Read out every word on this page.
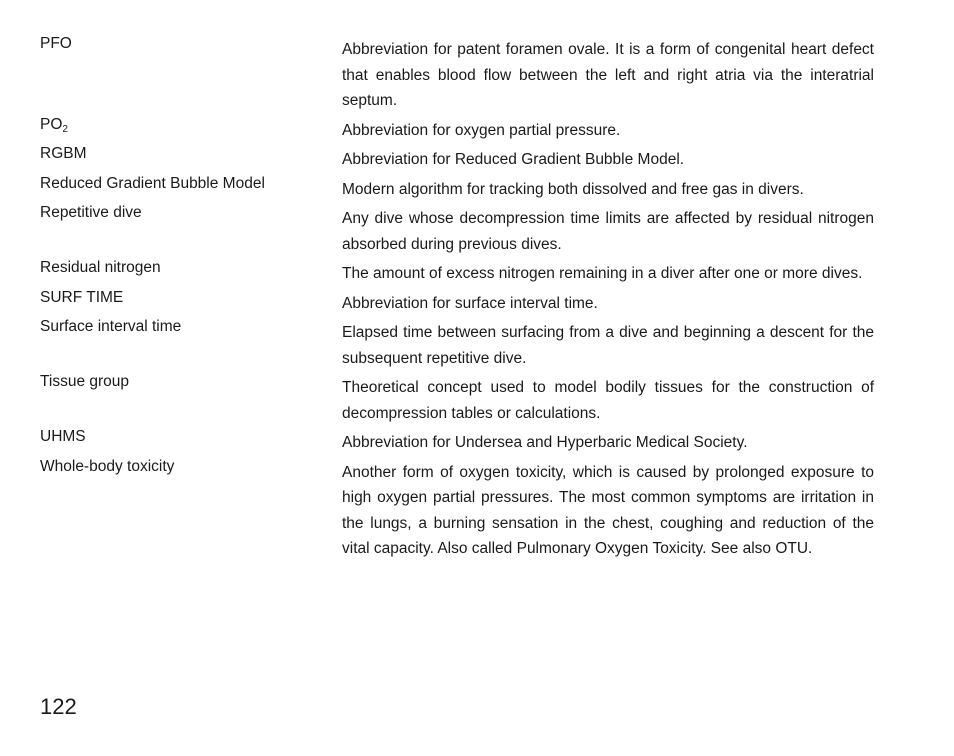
PFO	Abbreviation for patent foramen ovale. It is a form of congenital heart defect that enables blood flow between the left and right atria via the interatrial septum.
$PO_2$	Abbreviation for oxygen partial pressure.
RGBM	Abbreviation for Reduced Gradient Bubble Model.
Reduced Gradient Bubble Model	Modern algorithm for tracking both dissolved and free gas in divers.
Repetitive dive	Any dive whose decompression time limits are affected by residual nitrogen absorbed during previous dives.
Residual nitrogen	The amount of excess nitrogen remaining in a diver after one or more dives.
SURF TIME	Abbreviation for surface interval time.
Surface interval time	Elapsed time between surfacing from a dive and beginning a descent for the subsequent repetitive dive.
Tissue group	Theoretical concept used to model bodily tissues for the construction of decompression tables or calculations.
UHMS	Abbreviation for Undersea and Hyperbaric Medical Society.
Whole-body toxicity	Another form of oxygen toxicity, which is caused by prolonged exposure to high oxygen partial pressures. The most common symptoms are irritation in the lungs, a burning sensation in the chest, coughing and reduction of the vital capacity. Also called Pulmonary Oxygen Toxicity. See also OTU.
122
